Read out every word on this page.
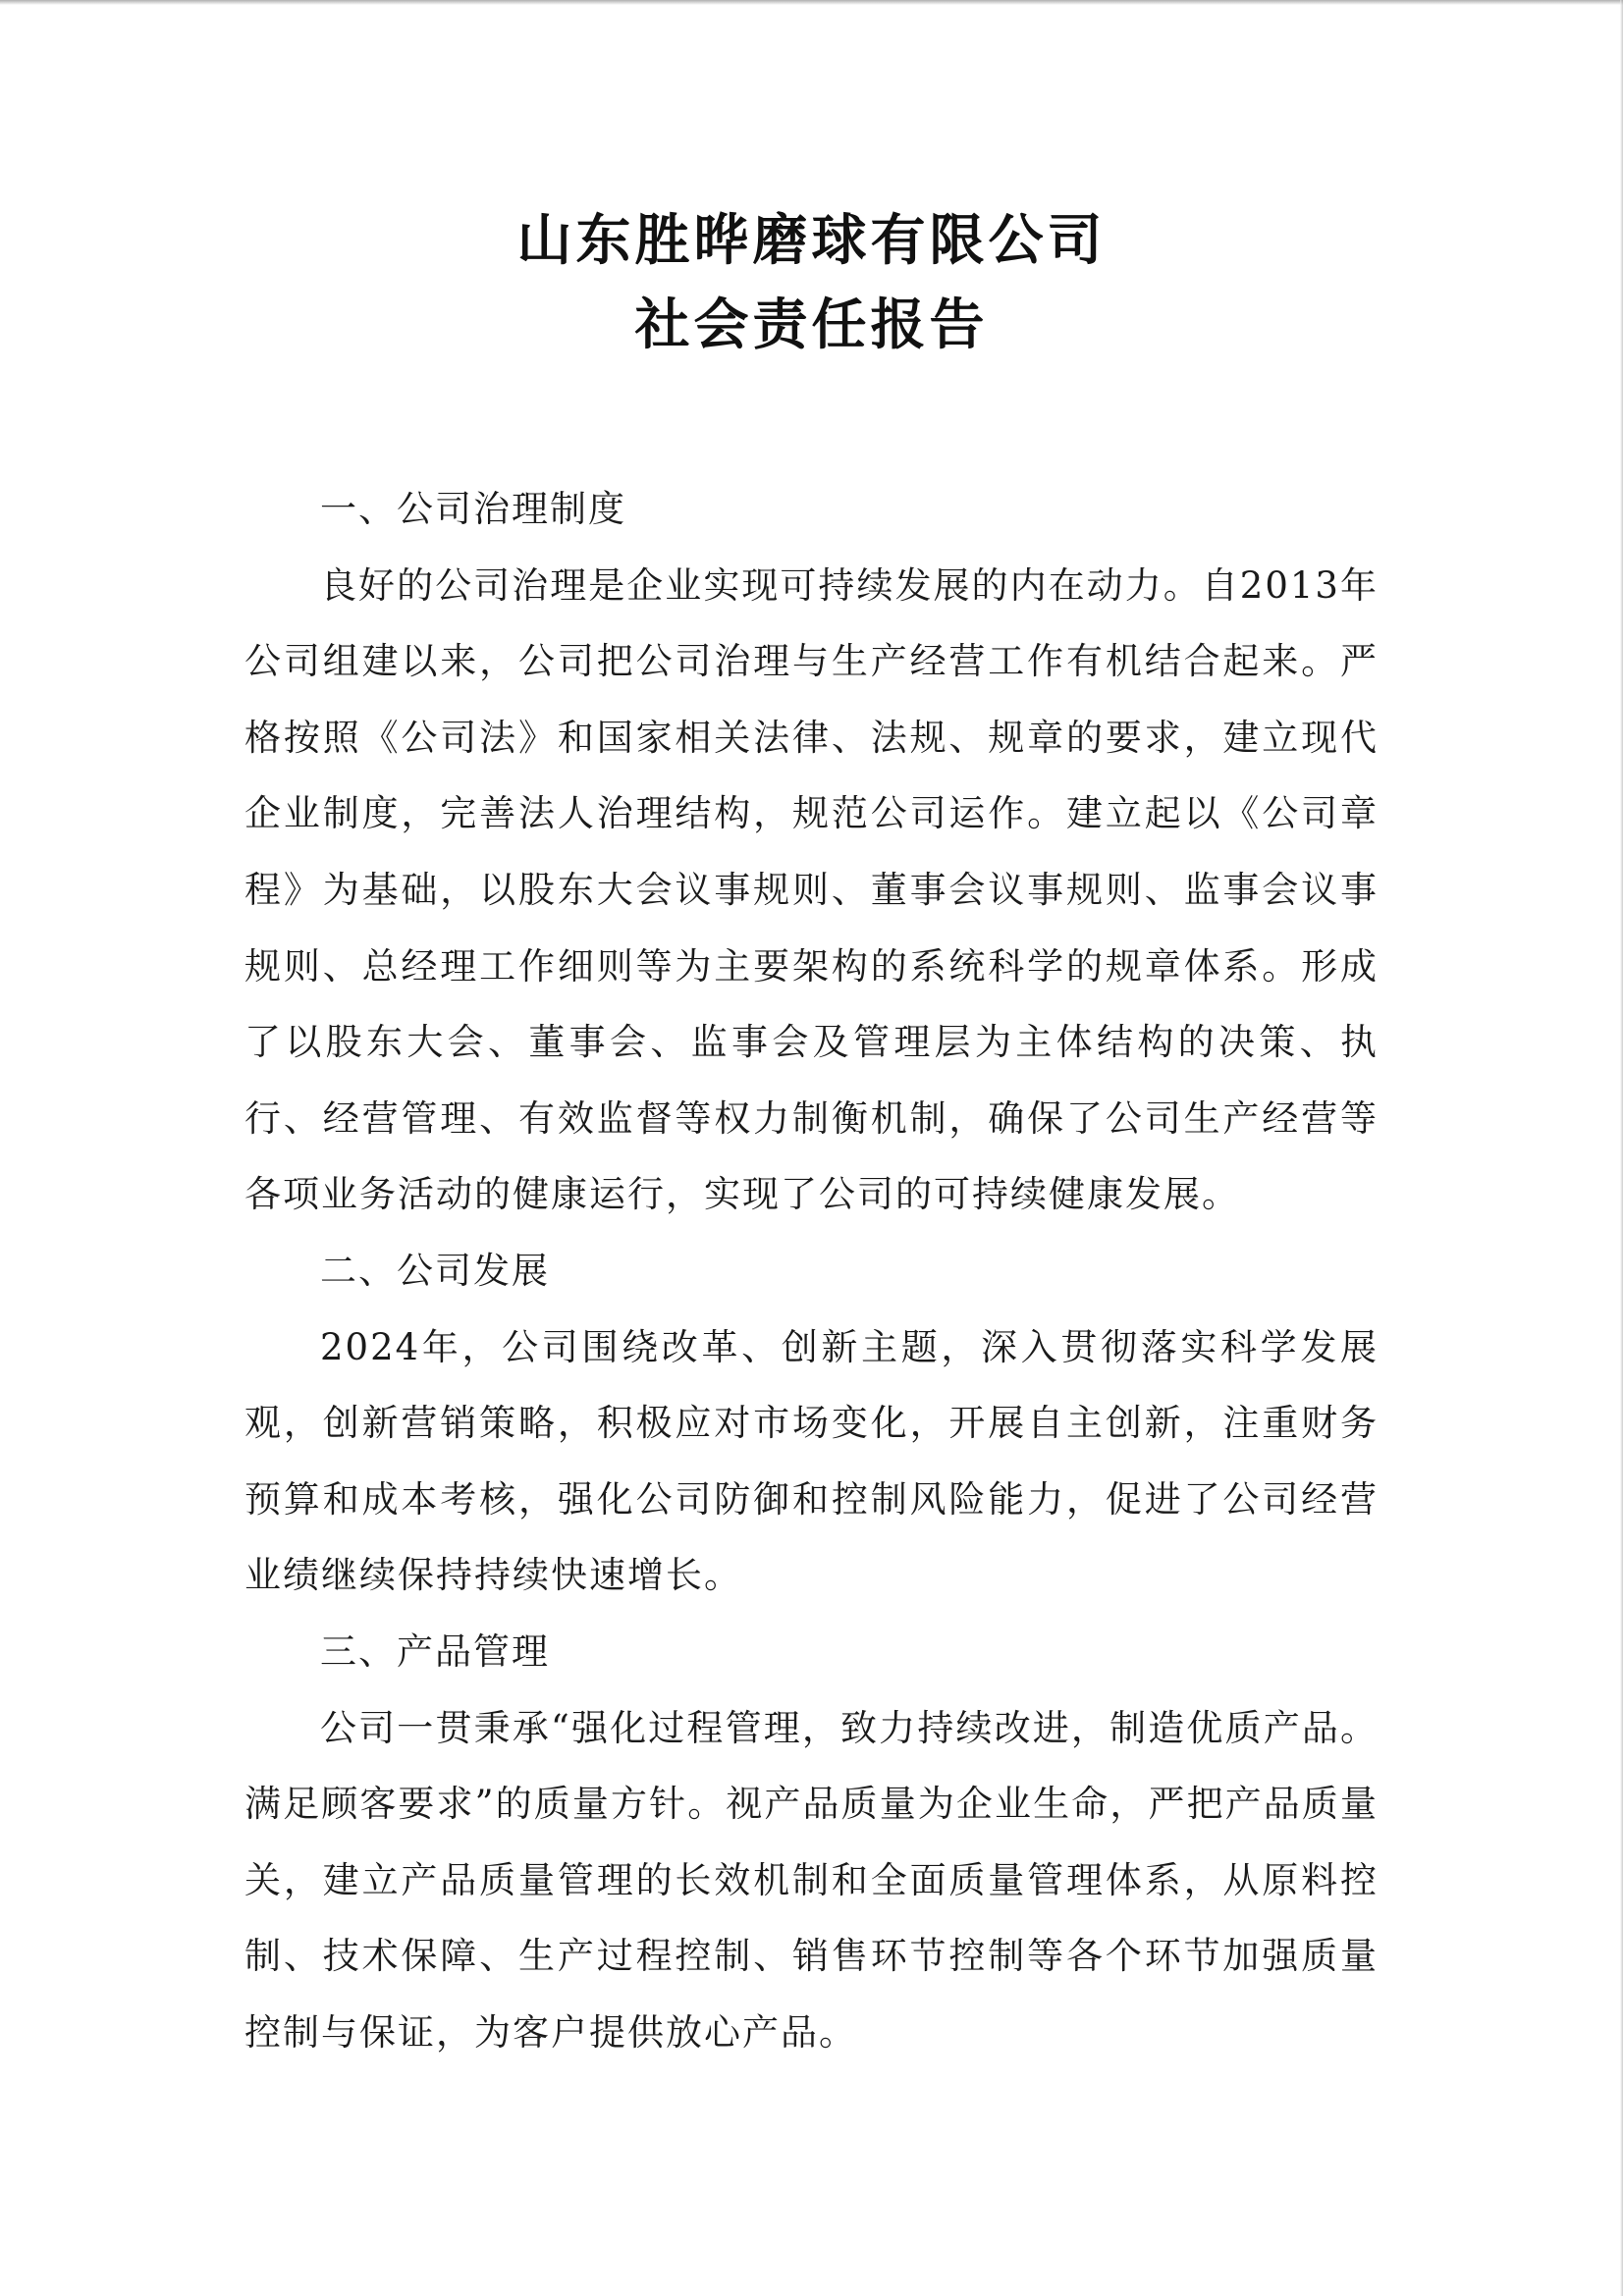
山东胜晔磨球有限公司
社会责任报告
一、公司治理制度

良好的公司治理是企业实现可持续发展的内在动力。自2013年公司组建以来，公司把公司治理与生产经营工作有机结合起来。严格按照《公司法》和国家相关法律、法规、规章的要求，建立现代企业制度，完善法人治理结构，规范公司运作。建立起以《公司章程》为基础，以股东大会议事规则、董事会议事规则、监事会议事规则、总经理工作细则等为主要架构的系统科学的规章体系。形成了以股东大会、董事会、监事会及管理层为主体结构的决策、执行、经营管理、有效监督等权力制衡机制，确保了公司生产经营等各项业务活动的健康运行，实现了公司的可持续健康发展。

二、公司发展

2024年，公司围绕改革、创新主题，深入贯彻落实科学发展观，创新营销策略，积极应对市场变化，开展自主创新，注重财务预算和成本考核，强化公司防御和控制风险能力，促进了公司经营业绩继续保持持续快速增长。

三、产品管理

公司一贯秉承“强化过程管理，致力持续改进，制造优质产品。满足顾客要求”的质量方针。视产品质量为企业生命，严把产品质量关，建立产品质量管理的长效机制和全面质量管理体系，从原料控制、技术保障、生产过程控制、销售环节控制等各个环节加强质量控制与保证，为客户提供放心产品。
